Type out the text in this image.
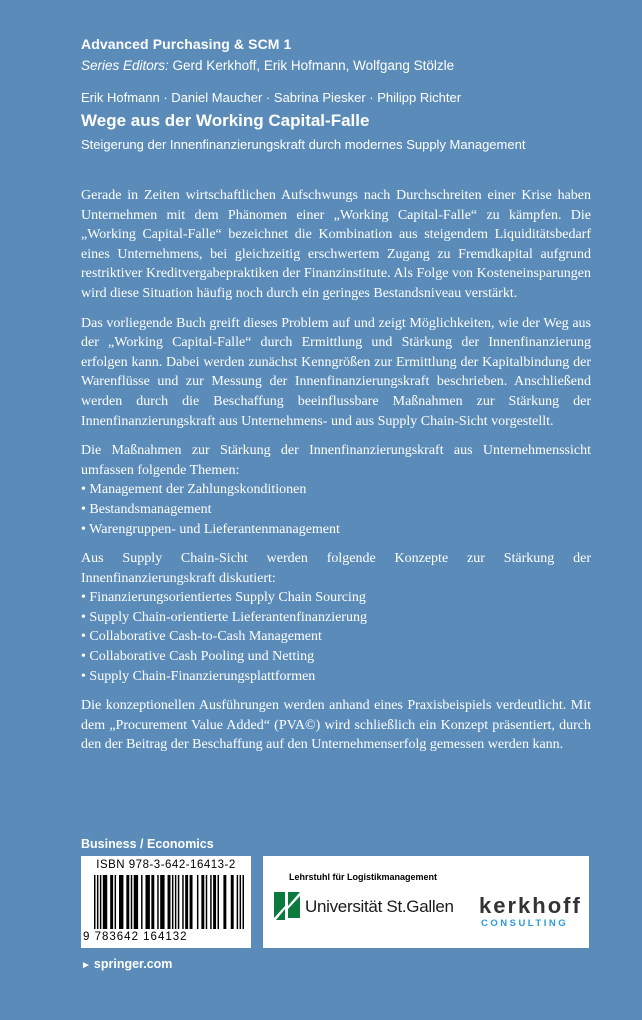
Advanced Purchasing & SCM 1
Series Editors: Gerd Kerkhoff, Erik Hofmann, Wolfgang Stölzle
Erik Hofmann · Daniel Maucher · Sabrina Piesker · Philipp Richter
Wege aus der Working Capital-Falle
Steigerung der Innenfinanzierungskraft durch modernes Supply Management

Gerade in Zeiten wirtschaftlichen Aufschwungs nach Durchschreiten einer Krise haben Unternehmen mit dem Phänomen einer „Working Capital-Falle“ zu kämpfen. Die „Working Capital-Falle“ bezeichnet die Kombination aus steigendem Liquiditätsbedarf eines Unternehmens, bei gleichzeitig erschwertem Zugang zu Fremdkapital aufgrund restriktiver Kreditvergabepraktiken der Finanzinstitute. Als Folge von Kosteneinsparungen wird diese Situation häufig noch durch ein geringes Bestandsniveau verstärkt.

Das vorliegende Buch greift dieses Problem auf und zeigt Möglichkeiten, wie der Weg aus der „Working Capital-Falle“ durch Ermittlung und Stärkung der Innenfinanzierung erfolgen kann. Dabei werden zunächst Kenngrößen zur Ermittlung der Kapitalbindung der Warenflüsse und zur Messung der Innenfinanzierungskraft beschrieben. Anschließend werden durch die Beschaffung beeinflussbare Maßnahmen zur Stärkung der Innenfinanzierungskraft aus Unternehmens- und aus Supply Chain-Sicht vorgestellt.

Die Maßnahmen zur Stärkung der Innenfinanzierungskraft aus Unternehmenssicht umfassen folgende Themen:

• Management der Zahlungskonditionen
• Bestandsmanagement
• Warengruppen- und Lieferantenmanagement

Aus Supply Chain-Sicht werden folgende Konzepte zur Stärkung der Innenfinanzierungskraft diskutiert:

• Finanzierungsorientiertes Supply Chain Sourcing
• Supply Chain-orientierte Lieferantenfinanzierung
• Collaborative Cash-to-Cash Management
• Collaborative Cash Pooling und Netting
• Supply Chain-Finanzierungsplattformen

Die konzeptionellen Ausführungen werden anhand eines Praxisbeispiels verdeutlicht. Mit dem „Procurement Value Added“ (PVA©) wird schließlich ein Konzept präsentiert, durch den der Beitrag der Beschaffung auf den Unternehmenserfolg gemessen werden kann.

Business / Economics
ISBN 978-3-642-16413-2
9 783642 164132
Lehrstuhl für Logistikmanagement
Universität St.Gallen kerkhoff
CONSULTING
► springer.com
